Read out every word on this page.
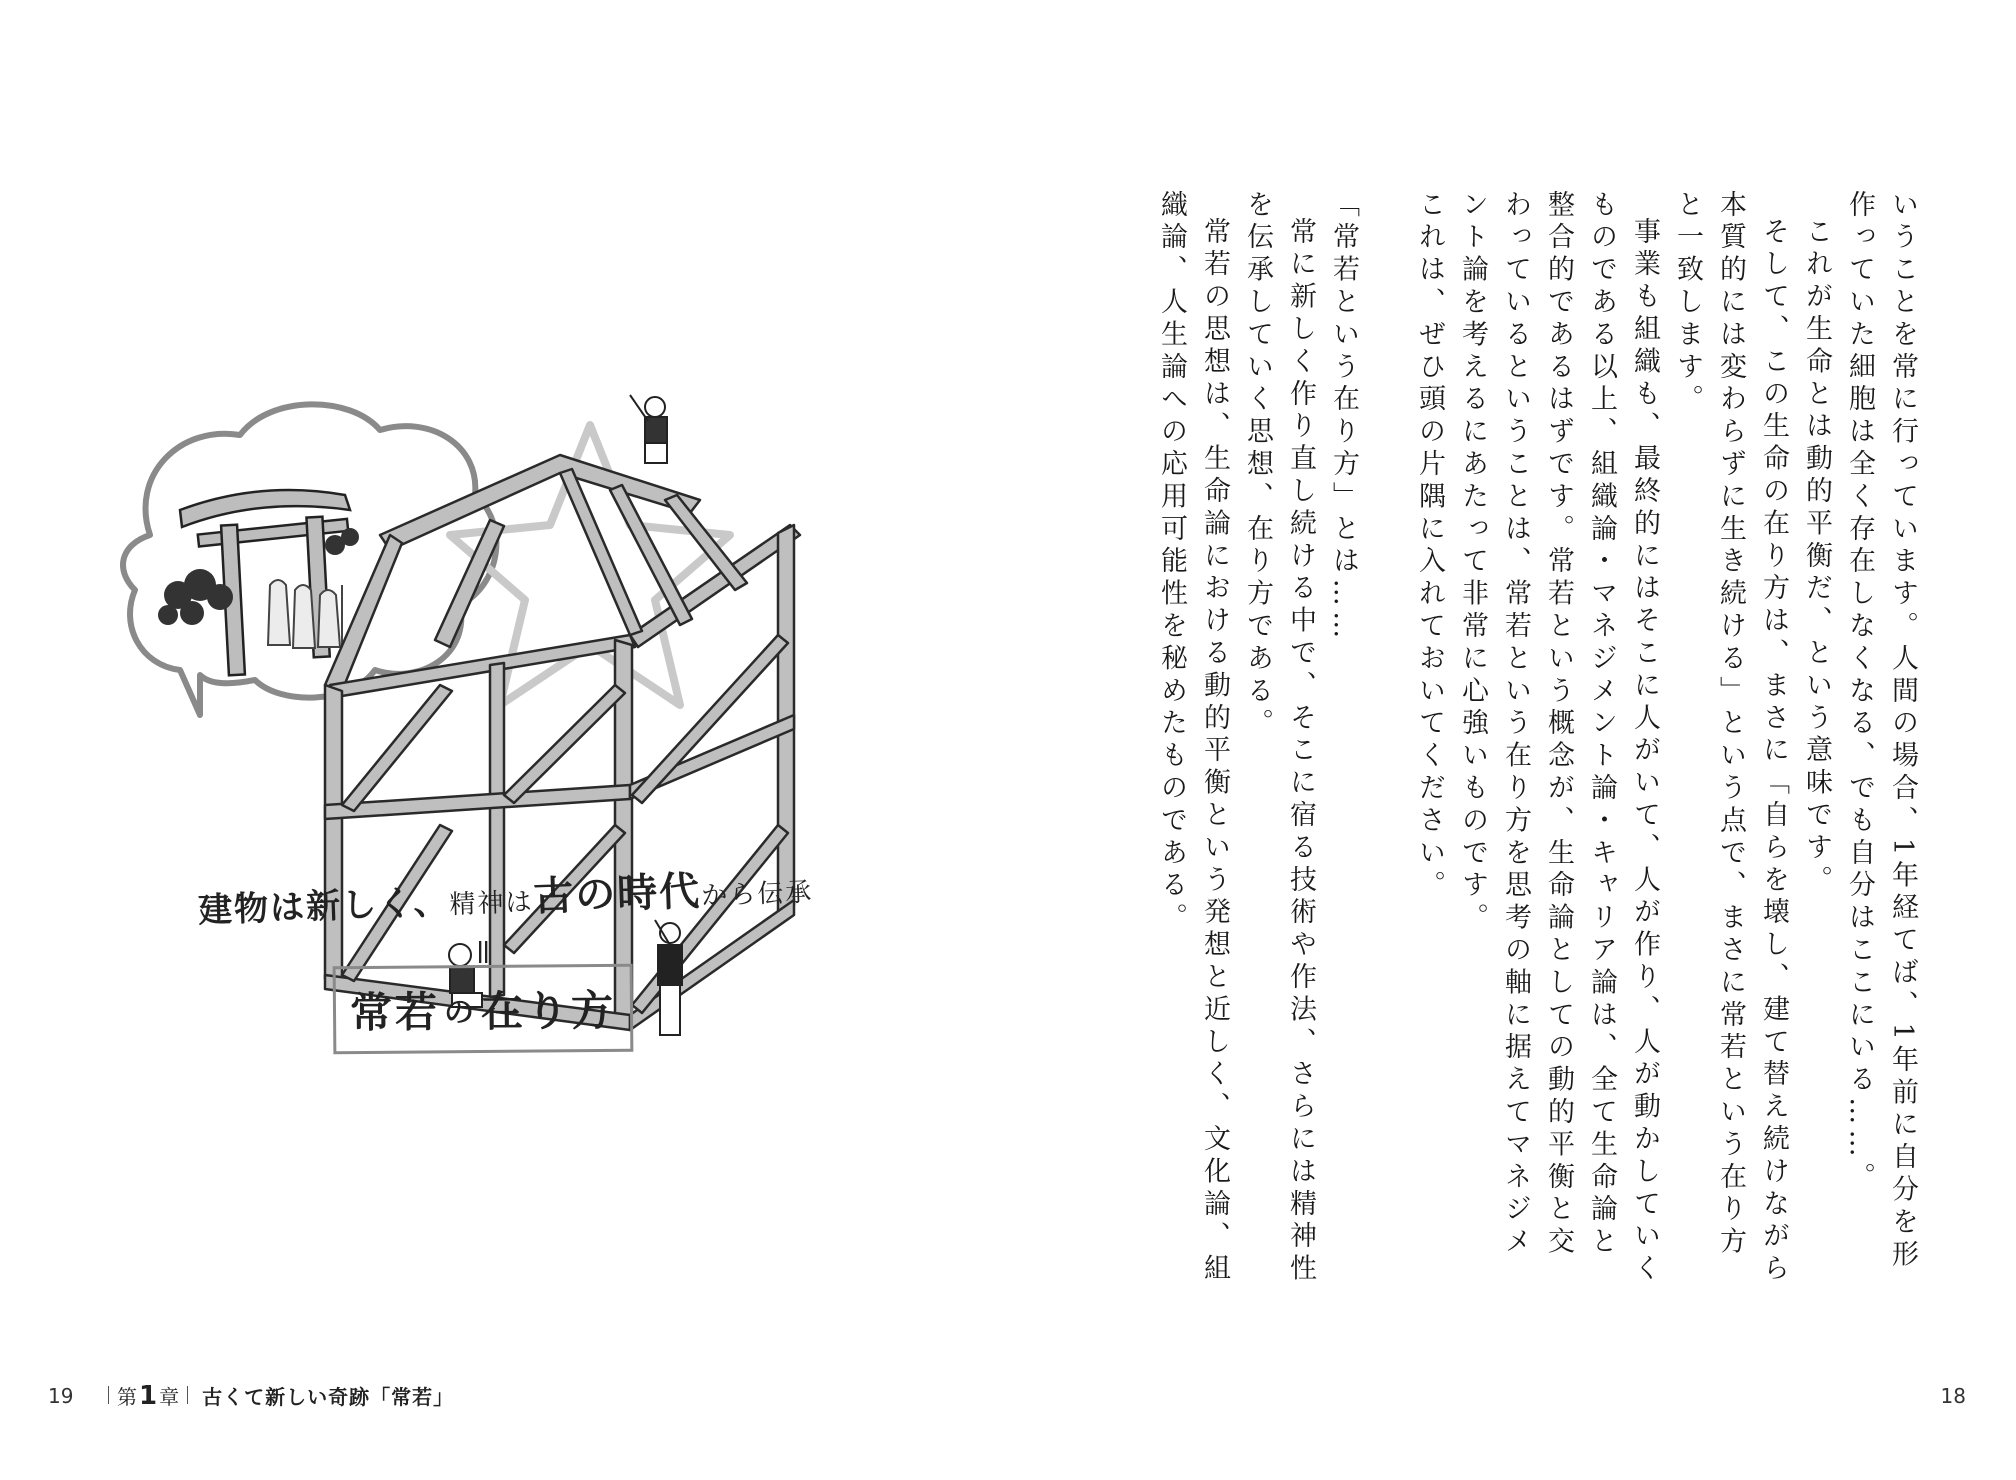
いうことを常に行っています。人間の場合、1年経てば、1年前に自分を形作っていた細胞は全く存在しなくなる、でも自分はここにいる……。

これが生命とは動的平衡だ、という意味です。

そして、この生命の在り方は、まさに「自らを壊し、建て替え続けながら本質的には変わらずに生き続ける」という点で、まさに常若という在り方と一致します。

事業も組織も、最終的にはそこに人がいて、人が作り、人が動かしていくものである以上、組織論・マネジメント論・キャリア論は、全て生命論と整合的であるはずです。常若という概念が、生命論としての動的平衡と交わっているということは、常若という在り方を思考の軸に据えてマネジメント論を考えるにあたって非常に心強いものです。

これは、ぜひ頭の片隅に入れておいてください。

「常若という在り方」とは……

常に新しく作り直し続ける中で、そこに宿る技術や作法、さらには精神性を伝承していく思想、在り方である。

常若の思想は、生命論における動的平衡という発想と近しく、文化論、組織論、人生論への応用可能性を秘めたものである。

建物は新しく、精神は古の時代から伝承
＝
常若 の 在り方
19 第 1 章 古くて新しい奇跡「常若」	18
